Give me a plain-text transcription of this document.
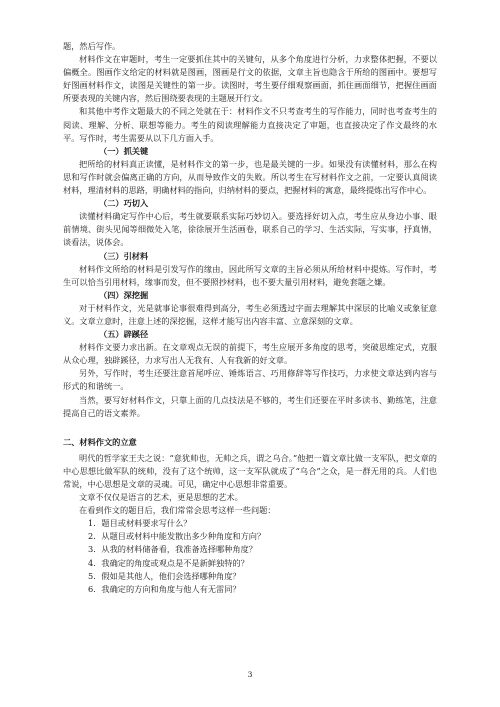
题，然后写作。

材料作文在审题时，考生一定要抓住其中的关键句，从多个角度进行分析，力求整体把握，不要以偏概全。图画作文给定的材料就是图画，图画是行文的依据，文章主旨也隐含于所给的图画中。要想写好图画材料作文，读图是关键性的第一步。读图时，考生要仔细观察画面，抓住画面细节，把握住画面所要表现的关键内容，然后围绕要表现的主题展开行文。

和其他中考作文题最大的不同之处就在于：材料作文不只考查考生的写作能力，同时也考查考生的阅读、理解、分析、联想等能力。考生的阅读理解能力直接决定了审题，也直接决定了作文最终的水平。写作时，考生需要从以下几方面入手。

（一）抓关键

把所给的材料真正读懂，是材料作文的第一步，也是最关键的一步。如果没有读懂材料，那么在构思和写作时就会偏离正确的方向，从而导致作文的失败。所以考生在写材料作文之前，一定要认真阅读材料，理清材料的思路，明确材料的指向，归纳材料的要点，把握材料的寓意，最终提炼出写作中心。

（二）巧切入

读懂材料确定写作中心后，考生就要联系实际巧妙切入。要选择好切入点，考生应从身边小事、眼前情境、街头见闻等细微处入笔，徐徐展开生活画卷，联系自己的学习、生活实际，写实事，抒真情，谈看法，说体会。

（三）引材料

材料作文所给的材料是引发写作的缘由，因此所写文章的主旨必须从所给材料中提炼。写作时，考生可以恰当引用材料，缘事而发，但不要照抄材料，也不要大量引用材料，避免套题之嫌。

（四）深挖掘

对于材料作文，光是就事论事很难得到高分，考生必须透过字面去理解其中深层的比喻义或象征意义。文章立意时，注意上述的深挖掘，这样才能写出内容丰富、立意深刻的文章。

（五）辟蹊径

材料作文要力求出新。在文章观点无误的前提下，考生应展开多角度的思考，突破思维定式，克服从众心理，独辟蹊径，力求写出人无我有、人有我新的好文章。

另外，写作时，考生还要注意首尾呼应、锤炼语言、巧用修辞等写作技巧，力求使文章达到内容与形式的和谐统一。

当然，要写好材料作文，只靠上面的几点技法是不够的，考生们还要在平时多读书、勤练笔，注意提高自己的语文素养。

二、材料作文的立意

明代的哲学家王夫之说：“意犹帅也，无帅之兵，谓之乌合。”他把一篇文章比做一支军队，把文章的中心思想比做军队的统帅，没有了这个统帅，这一支军队就成了“乌合”之众，是一群无用的兵。人们也常说，中心思想是文章的灵魂。可见，确定中心思想非常重要。

文章不仅仅是语言的艺术，更是思想的艺术。

在看到作文的题目后，我们常常会思考这样一些问题：

1．题目或材料要求写什么？

2．从题目或材料中能发散出多少种角度和方向？

3．从我的材料储备看，我准备选择哪种角度？

4．我确定的角度或观点是不是新鲜独特的？

5．假如是其他人，他们会选择哪种角度？

6．我确定的方向和角度与他人有无雷同？

3
